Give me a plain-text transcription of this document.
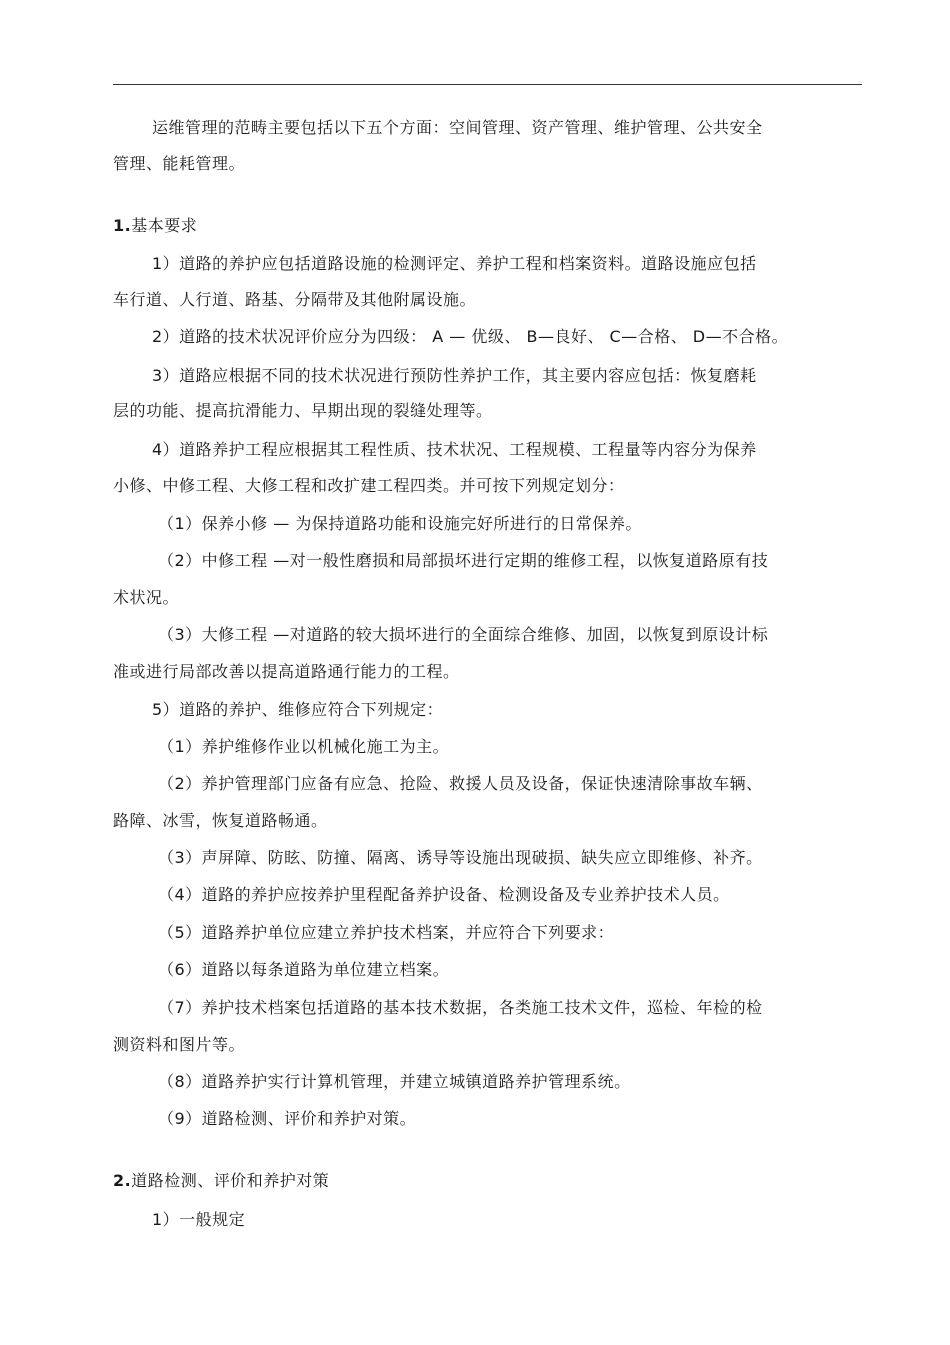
运维管理的范畴主要包括以下五个方面：空间管理、资产管理、维护管理、公共安全
管理、能耗管理。
1.基本要求
1）道路的养护应包括道路设施的检测评定、养护工程和档案资料。道路设施应包括
车行道、人行道、路基、分隔带及其他附属设施。
2）道路的技术状况评价应分为四级： A — 优级、 B—良好、 C—合格、 D—不合格。
3）道路应根据不同的技术状况进行预防性养护工作，其主要内容应包括：恢复磨耗
层的功能、提高抗滑能力、早期出现的裂缝处理等。
4）道路养护工程应根据其工程性质、技术状况、工程规模、工程量等内容分为保养
小修、中修工程、大修工程和改扩建工程四类。并可按下列规定划分：
（1）保养小修 — 为保持道路功能和设施完好所进行的日常保养。
（2）中修工程 —对一般性磨损和局部损坏进行定期的维修工程，以恢复道路原有技
术状况。
（3）大修工程 —对道路的较大损坏进行的全面综合维修、加固，以恢复到原设计标
准或进行局部改善以提高道路通行能力的工程。
5）道路的养护、维修应符合下列规定：
（1）养护维修作业以机械化施工为主。
（2）养护管理部门应备有应急、抢险、救援人员及设备，保证快速清除事故车辆、
路障、冰雪，恢复道路畅通。
（3）声屏障、防眩、防撞、隔离、诱导等设施出现破损、缺失应立即维修、补齐。
（4）道路的养护应按养护里程配备养护设备、检测设备及专业养护技术人员。
（5）道路养护单位应建立养护技术档案，并应符合下列要求：
（6）道路以每条道路为单位建立档案。
（7）养护技术档案包括道路的基本技术数据，各类施工技术文件，巡检、年检的检
测资料和图片等。
（8）道路养护实行计算机管理，并建立城镇道路养护管理系统。
（9）道路检测、评价和养护对策。
2.道路检测、评价和养护对策
1）一般规定
